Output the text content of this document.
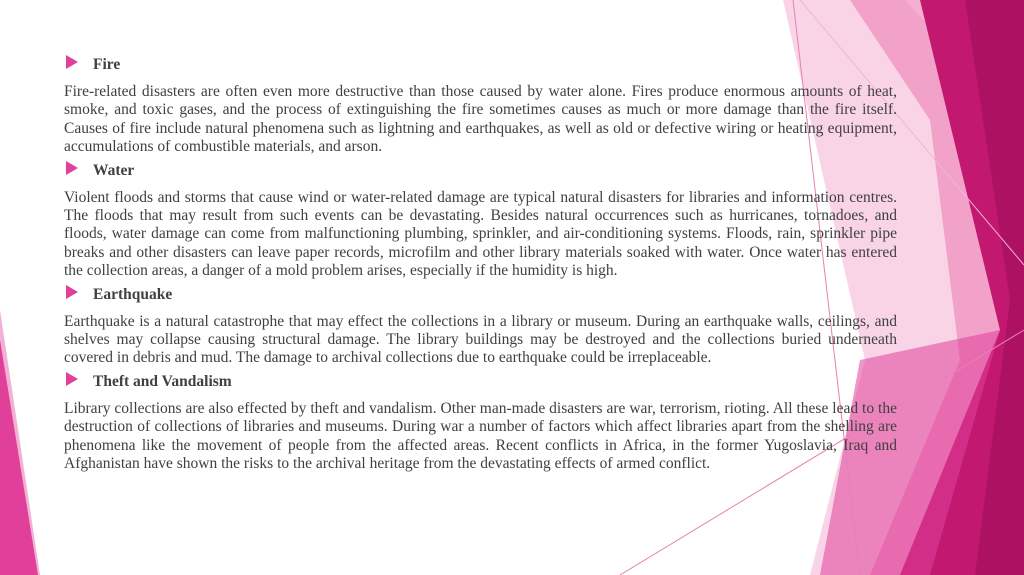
Fire
Fire-related disasters are often even more destructive than those caused by water alone. Fires produce enormous amounts of heat, smoke, and toxic gases, and the process of extinguishing the fire sometimes causes as much or more damage than the fire itself. Causes of fire include natural phenomena such as lightning and earthquakes, as well as old or defective wiring or heating equipment, accumulations of combustible materials, and arson.
Water
Violent floods and storms that cause wind or water-related damage are typical natural disasters for libraries and information centres. The floods that may result from such events can be devastating. Besides natural occurrences such as hurricanes, tornadoes, and floods, water damage can come from malfunctioning plumbing, sprinkler, and air-conditioning systems. Floods, rain, sprinkler pipe breaks and other disasters can leave paper records, microfilm and other library materials soaked with water. Once water has entered the collection areas, a danger of a mold problem arises, especially if the humidity is high.
Earthquake
Earthquake is a natural catastrophe that may effect the collections in a library or museum. During an earthquake walls, ceilings, and shelves may collapse causing structural damage. The library buildings may be destroyed and the collections buried underneath covered in debris and mud. The damage to archival collections due to earthquake could be irreplaceable.
Theft and Vandalism
Library collections are also effected by theft and vandalism. Other man-made disasters are war, terrorism, rioting. All these lead to the destruction of collections of libraries and museums. During war a number of factors which affect libraries apart from the shelling are phenomena like the movement of people from the affected areas. Recent conflicts in Africa, in the former Yugoslavia, Iraq and Afghanistan have shown the risks to the archival heritage from the devastating effects of armed conflict.
